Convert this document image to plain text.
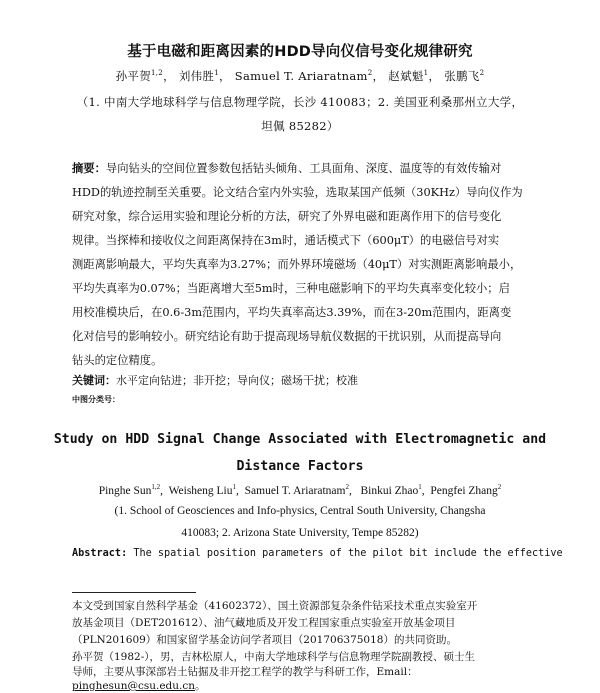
基于电磁和距离因素的HDD导向仪信号变化规律研究
孙平贺$^{1,2}$， 刘伟胜$^1$， Samuel T. Ariaratnam$^2$， 赵斌魁$^1$， 张鹏飞$^2$
（1. 中南大学地球科学与信息物理学院，长沙 410083；2. 美国亚利桑那州立大学，
坦佩 85282）
摘要：导向钻头的空间位置参数包括钻头倾角、工具面角、深度、温度等的有效传输对
HDD的轨迹控制至关重要。论文结合室内外实验，选取某国产低频（30KHz）导向仪作为
研究对象，综合运用实验和理论分析的方法，研究了外界电磁和距离作用下的信号变化
规律。当探棒和接收仪之间距离保持在3m时，通话模式下（600μT）的电磁信号对实
测距离影响最大，平均失真率为3.27%；而外界环境磁场（40μT）对实测距离影响最小，
平均失真率为0.07%；当距离增大至5m时，三种电磁影响下的平均失真率变化较小；启
用校准模块后，在0.6-3m范围内，平均失真率高达3.39%，而在3-20m范围内，距离变
化对信号的影响较小。研究结论有助于提高现场导航仪数据的干扰识别，从而提高导向
钻头的定位精度。
关键词：水平定向钻进；非开挖；导向仪；磁场干扰；校准
中图分类号：
Study on HDD Signal Change Associated with Electromagnetic and
Distance Factors
Pinghe Sun$^{1,2}$,  Weisheng Liu$^1$,  Samuel T. Ariaratnam$^2$,   Binkui Zhao$^1$,  Pengfei Zhang$^2$
(1. School of Geosciences and Info-physics, Central South University, Changsha
410083; 2. Arizona State University, Tempe 85282)
Abstract: The spatial position parameters of the pilot bit include the effective
本文受到国家自然科学基金（41602372）、国土资源部复杂条件钻采技术重点实验室开
放基金项目（DET201612）、油气藏地质及开发工程国家重点实验室开放基金项目
（PLN201609）和国家留学基金访问学者项目（201706375018）的共同资助。
孙平贺（1982-），男，吉林松原人，中南大学地球科学与信息物理学院副教授、硕士生
导师，主要从事深部岩土钻掘及非开挖工程学的教学与科研工作，Email：
pinghesun@csu.edu.cn。
